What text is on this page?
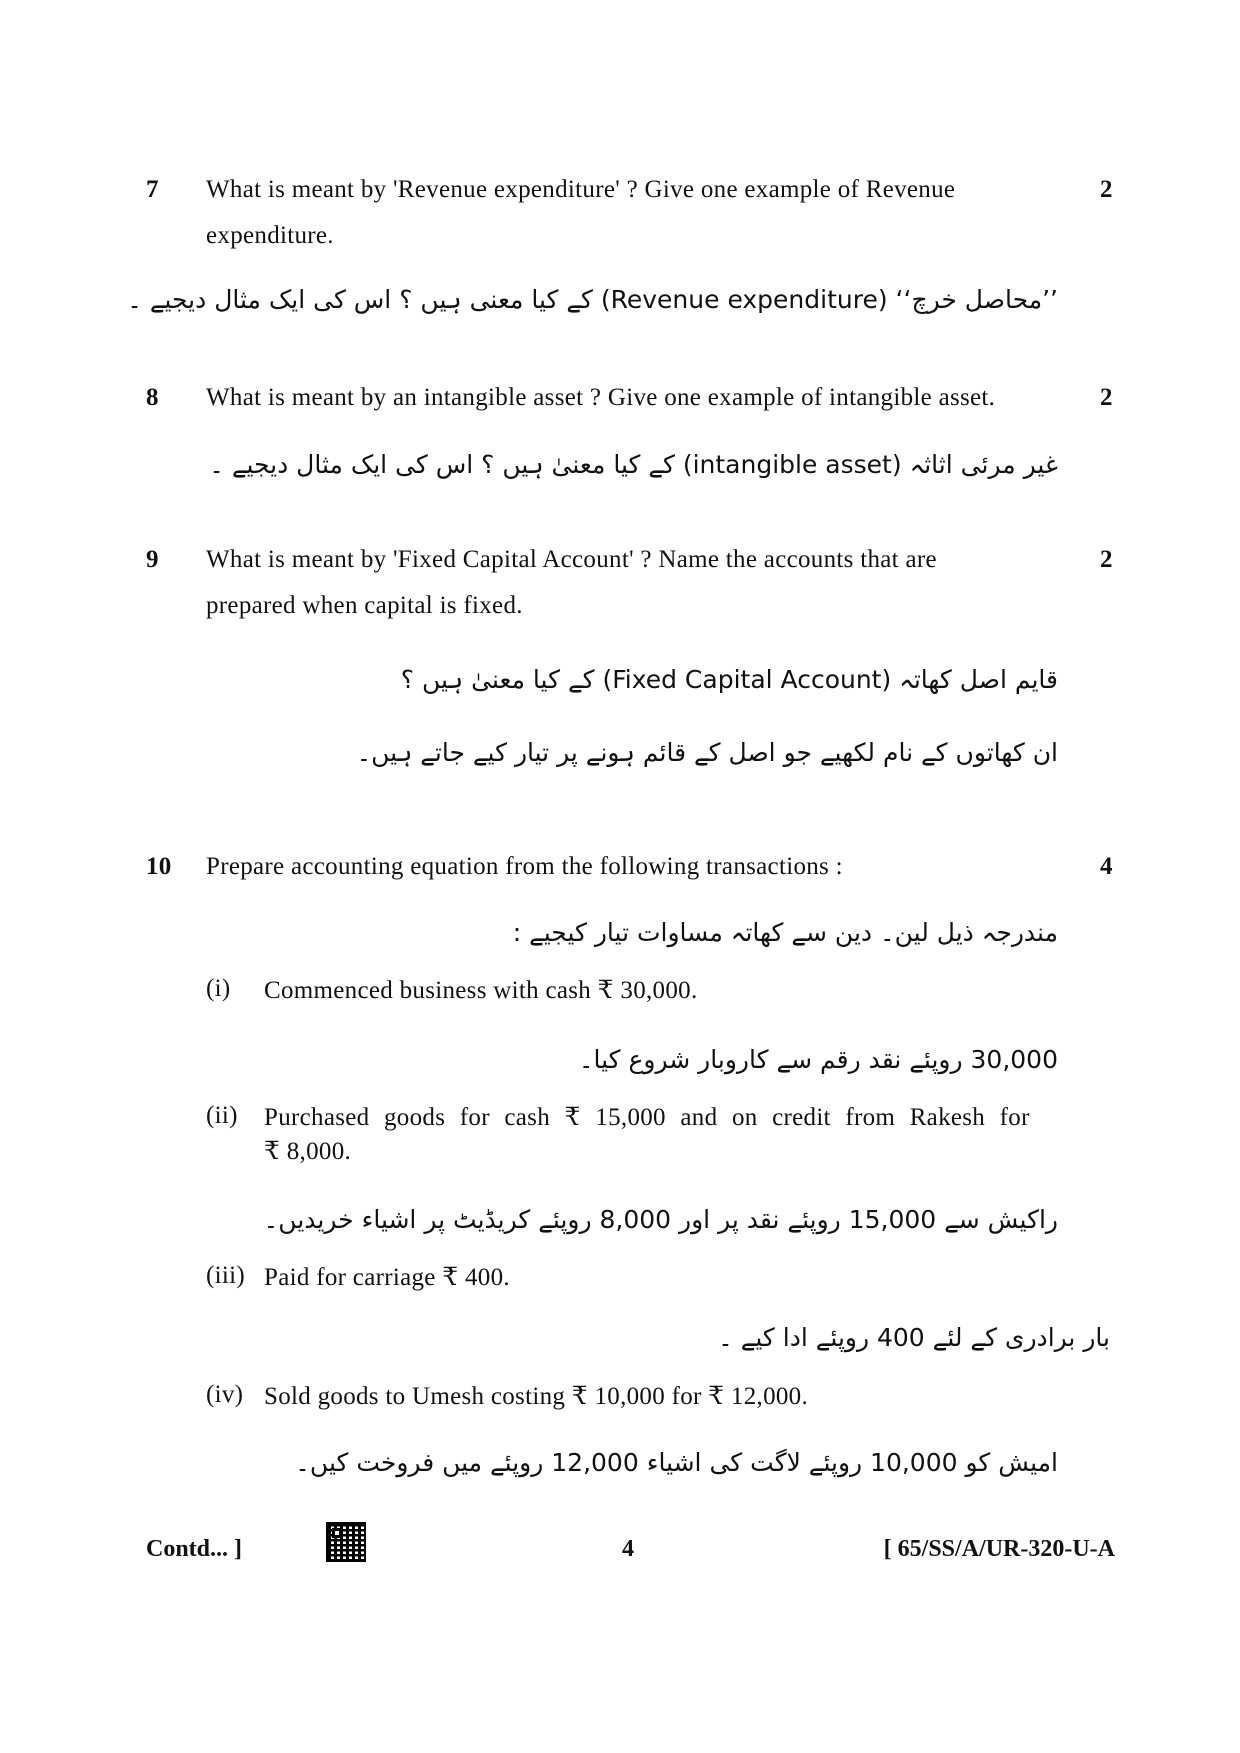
7 What is meant by 'Revenue expenditure' ? Give one example of Revenue
expenditure.
2
’’محاصل خرچ‘‘ (Revenue expenditure) کے کیا معنی ہیں ؟ اس کی ایک مثال دیجیے ۔
8 What is meant by an intangible asset ? Give one example of intangible asset.	2
غیر مرئی اثاثہ (intangible asset) کے کیا معنیٰ ہیں ؟ اس کی ایک مثال دیجیے ۔
9 What is meant by 'Fixed Capital Account' ? Name the accounts that are
prepared when capital is fixed.
2
قایم اصل کھاتہ (Fixed Capital Account) کے کیا معنیٰ ہیں ؟
ان کھاتوں کے نام لکھیے جو اصل کے قائم ہونے پر تیار کیے جاتے ہیں۔
10 Prepare accounting equation from the following transactions :	4
مندرجہ ذیل لین۔ دین سے کھاتہ مساوات تیار کیجیے :
(i) Commenced business with cash ₹ 30,000.
30,000 روپئے نقد رقم سے کاروبار شروع کیا۔
(ii) Purchased goods for cash ₹ 15,000 and on credit from Rakesh for
₹ 8,000.
راکیش سے 15,000 روپئے نقد پر اور 8,000 روپئے کریڈیٹ پر اشیاء خریدیں۔
(iii) Paid for carriage ₹ 400.
بار برادری کے لئے 400 روپئے ادا کیے ۔
(iv) Sold goods to Umesh costing ₹ 10,000 for ₹ 12,000.
امیش کو 10,000 روپئے لاگت کی اشیاء 12,000 روپئے میں فروخت کیں۔
Contd... ]	4	[ 65/SS/A/UR-320-U-A
